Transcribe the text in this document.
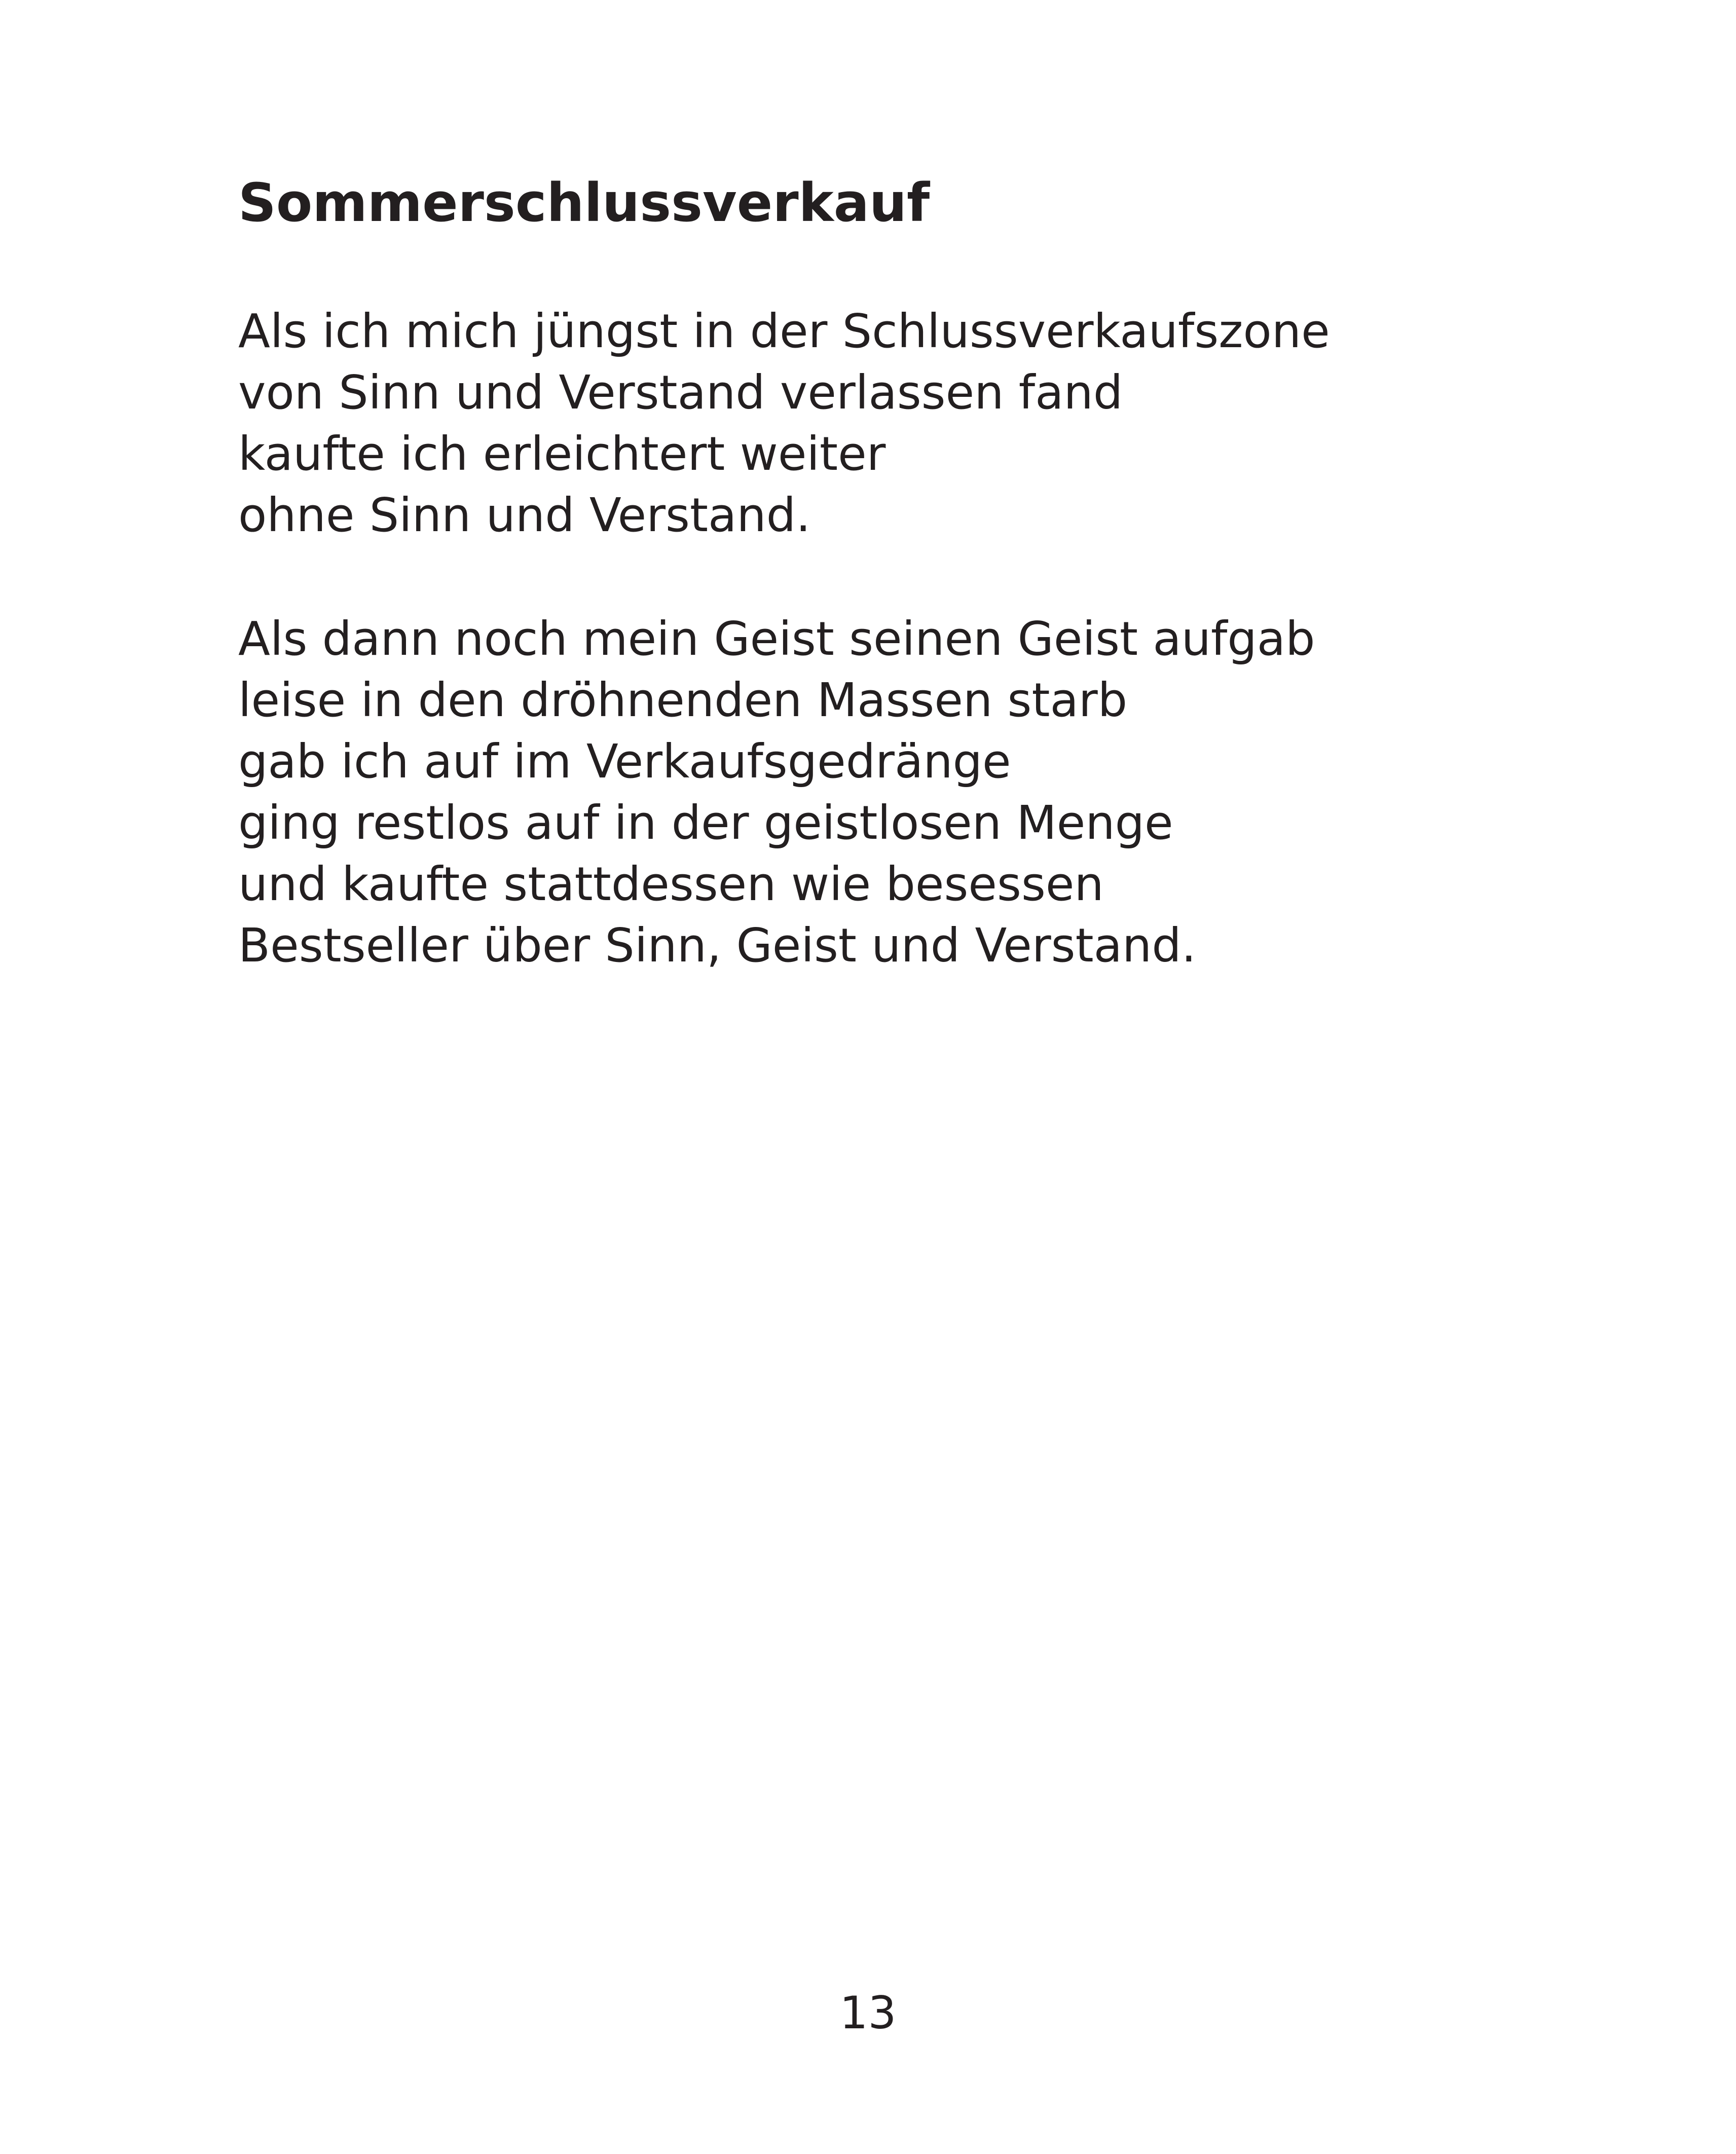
Sommerschlussverkauf
Als ich mich jüngst in der Schlussverkaufszone
von Sinn und Verstand verlassen fand
kaufte ich erleichtert weiter
ohne Sinn und Verstand.
Als dann noch mein Geist seinen Geist aufgab
leise in den dröhnenden Massen starb
gab ich auf im Verkaufsgedränge
ging restlos auf in der geistlosen Menge
und kaufte stattdessen wie besessen
Bestseller über Sinn, Geist und Verstand.
13
